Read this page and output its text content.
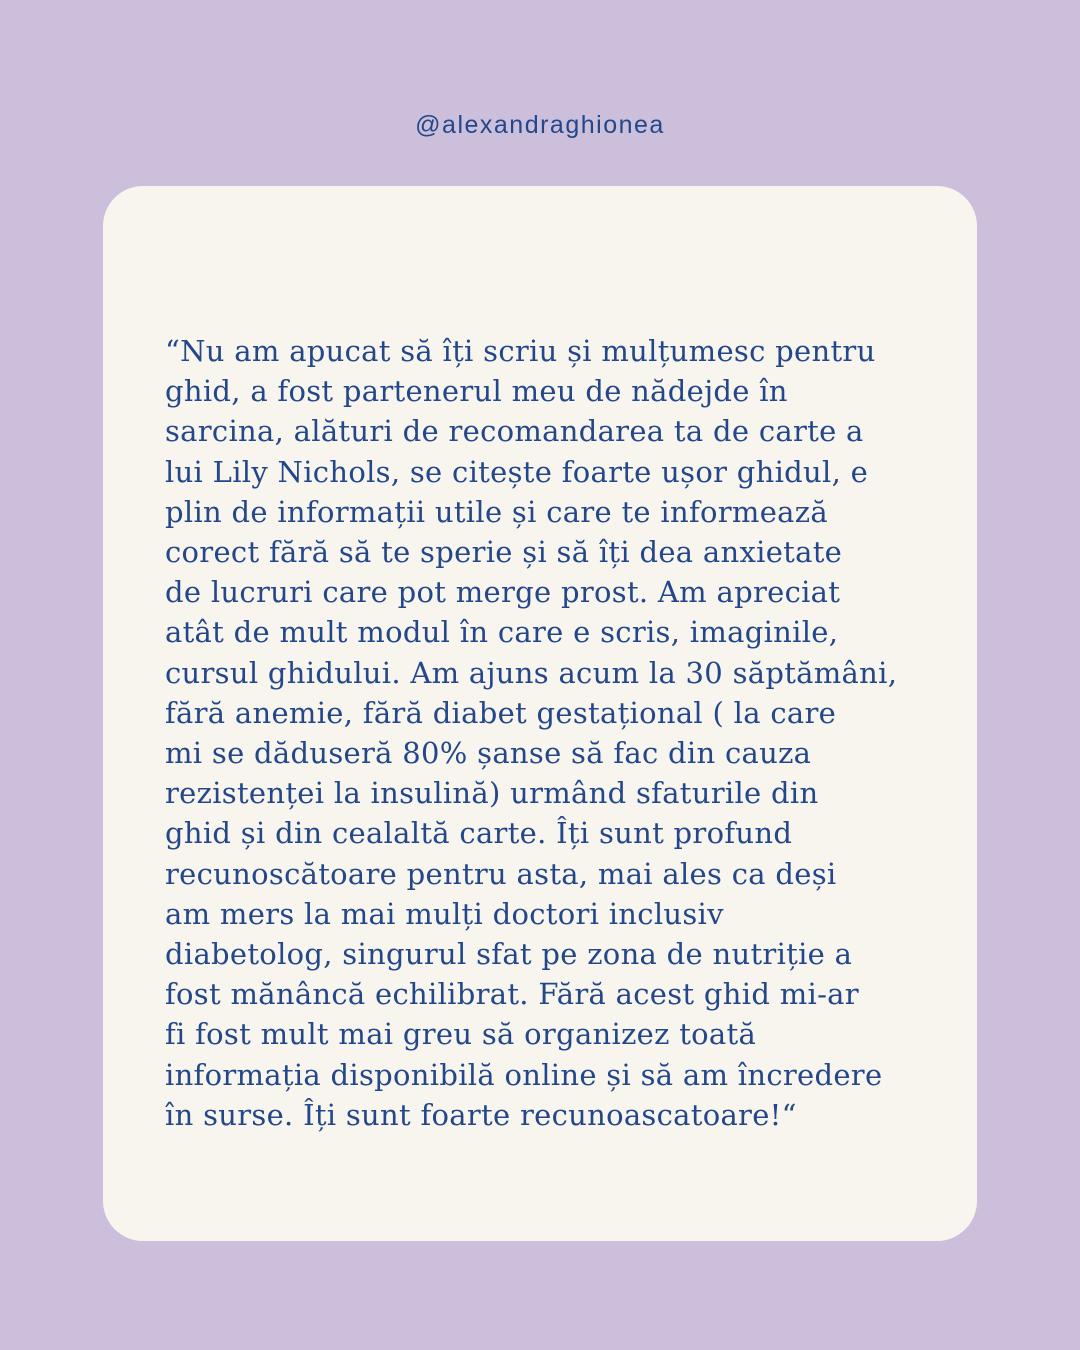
@alexandraghionea

“Nu am apucat să îți scriu și mulțumesc pentru
ghid, a fost partenerul meu de nădejde în
sarcina, alături de recomandarea ta de carte a
lui Lily Nichols, se citește foarte ușor ghidul, e
plin de informații utile și care te informează
corect fără să te sperie și să îți dea anxietate
de lucruri care pot merge prost. Am apreciat
atât de mult modul în care e scris, imaginile,
cursul ghidului. Am ajuns acum la 30 săptămâni,
fără anemie, fără diabet gestațional ( la care
mi se dăduseră 80% șanse să fac din cauza
rezistenței la insulină) urmând sfaturile din
ghid și din cealaltă carte. Îți sunt profund
recunoscătoare pentru asta, mai ales ca deși
am mers la mai mulți doctori inclusiv
diabetolog, singurul sfat pe zona de nutriție a
fost mănâncă echilibrat. Fără acest ghid mi-ar
fi fost mult mai greu să organizez toată
informația disponibilă online și să am încredere
în surse. Îți sunt foarte recunoascatoare!“
